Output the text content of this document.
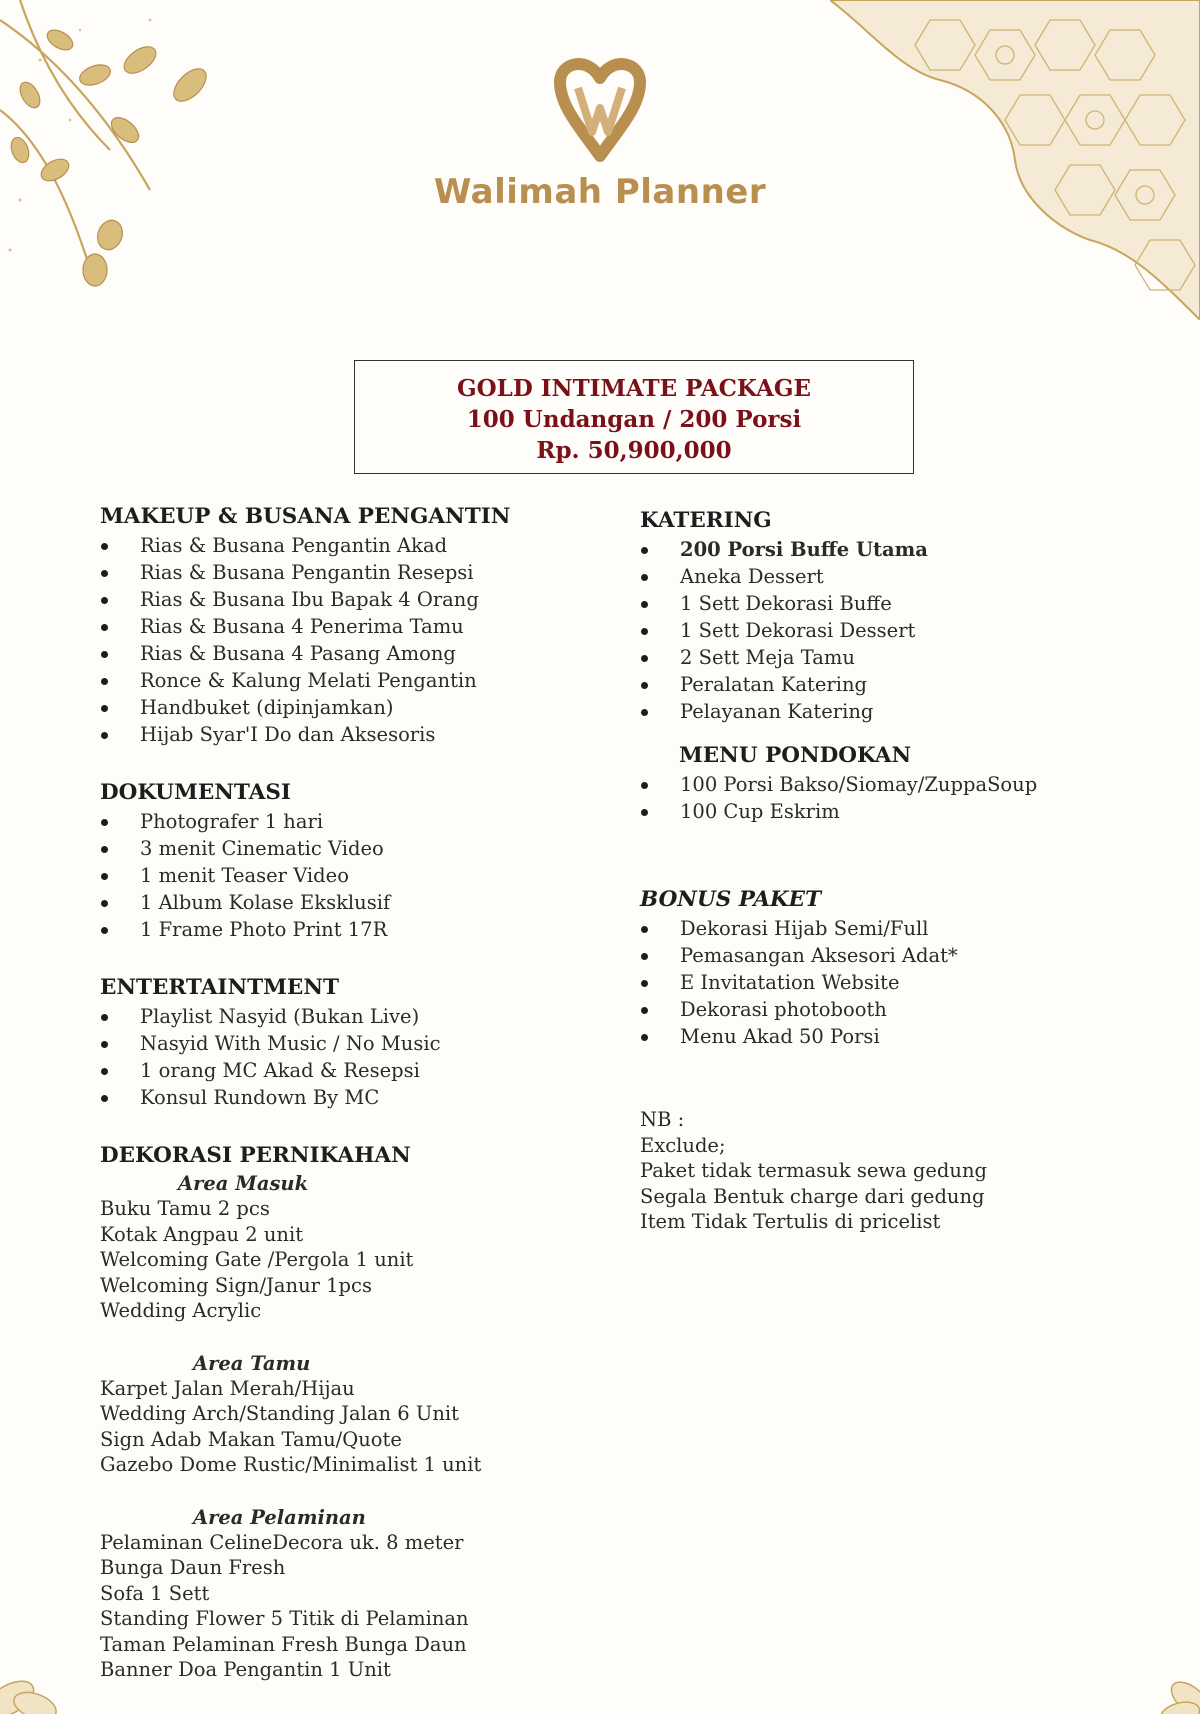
Walimah Planner
GOLD INTIMATE PACKAGE
100 Undangan / 200 Porsi
Rp. 50,900,000
MAKEUP & BUSANA PENGANTIN
Rias & Busana Pengantin Akad
Rias & Busana Pengantin Resepsi
Rias & Busana Ibu Bapak 4 Orang
Rias & Busana 4 Penerima Tamu
Rias & Busana 4 Pasang Among
Ronce & Kalung Melati Pengantin
Handbuket (dipinjamkan)
Hijab Syar'I Do dan Aksesoris
DOKUMENTASI
Photografer 1 hari
3 menit Cinematic Video
1 menit Teaser Video
1 Album Kolase Eksklusif
1 Frame Photo Print 17R
ENTERTAINTMENT
Playlist Nasyid (Bukan Live)
Nasyid With Music / No Music
1 orang MC Akad & Resepsi
Konsul Rundown By MC
DEKORASI PERNIKAHAN
Area Masuk
Buku Tamu 2 pcs
Kotak Angpau 2 unit
Welcoming Gate /Pergola 1 unit
Welcoming Sign/Janur 1pcs
Wedding Acrylic
Area Tamu
Karpet Jalan Merah/Hijau
Wedding Arch/Standing Jalan 6 Unit
Sign Adab Makan Tamu/Quote
Gazebo Dome Rustic/Minimalist 1 unit
Area Pelaminan
Pelaminan CelineDecora uk. 8 meter
Bunga Daun Fresh
Sofa 1 Sett
Standing Flower 5 Titik di Pelaminan
Taman Pelaminan Fresh Bunga Daun
Banner Doa Pengantin 1 Unit
KATERING
200 Porsi Buffe Utama
Aneka Dessert
1 Sett Dekorasi Buffe
1 Sett Dekorasi Dessert
2 Sett Meja Tamu
Peralatan Katering
Pelayanan Katering
MENU PONDOKAN
100 Porsi Bakso/Siomay/ZuppaSoup
100 Cup Eskrim
BONUS PAKET
Dekorasi Hijab Semi/Full
Pemasangan Aksesori Adat*
E Invitatation Website
Dekorasi photobooth
Menu Akad 50 Porsi
NB :
Exclude;
Paket tidak termasuk sewa gedung
Segala Bentuk charge dari gedung
Item Tidak Tertulis di pricelist
